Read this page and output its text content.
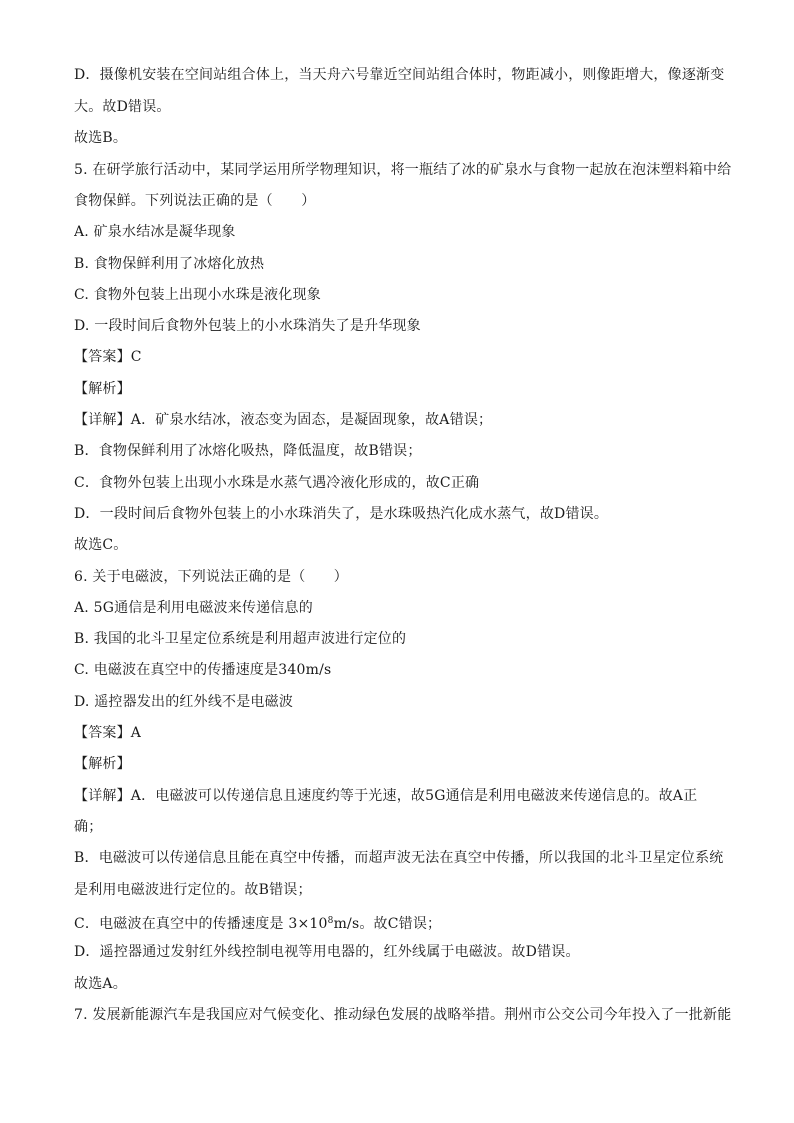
D．摄像机安装在空间站组合体上，当天舟六号靠近空间站组合体时，物距减小，则像距增大，像逐渐变
大。故D错误。
故选B。
5. 在研学旅行活动中，某同学运用所学物理知识，将一瓶结了冰的矿泉水与食物一起放在泡沫塑料箱中给
食物保鲜。下列说法正确的是（　　）
A. 矿泉水结冰是凝华现象
B. 食物保鲜利用了冰熔化放热
C. 食物外包装上出现小水珠是液化现象
D. 一段时间后食物外包装上的小水珠消失了是升华现象
【答案】C
【解析】
【详解】A．矿泉水结冰，液态变为固态，是凝固现象，故A错误；
B．食物保鲜利用了冰熔化吸热，降低温度，故B错误；
C．食物外包装上出现小水珠是水蒸气遇冷液化形成的，故C正确
D．一段时间后食物外包装上的小水珠消失了，是水珠吸热汽化成水蒸气，故D错误。
故选C。
6. 关于电磁波，下列说法正确的是（　　）
A. 5G通信是利用电磁波来传递信息的
B. 我国的北斗卫星定位系统是利用超声波进行定位的
C. 电磁波在真空中的传播速度是340m/s
D. 遥控器发出的红外线不是电磁波
【答案】A
【解析】
【详解】A．电磁波可以传递信息且速度约等于光速，故5G通信是利用电磁波来传递信息的。故A正
确；
B．电磁波可以传递信息且能在真空中传播，而超声波无法在真空中传播，所以我国的北斗卫星定位系统
是利用电磁波进行定位的。故B错误；
C．电磁波在真空中的传播速度是 $3\times 10^8m/s$。故C错误；
D．遥控器通过发射红外线控制电视等用电器的，红外线属于电磁波。故D错误。
故选A。
7. 发展新能源汽车是我国应对气候变化、推动绿色发展的战略举措。荆州市公交公司今年投入了一批新能
